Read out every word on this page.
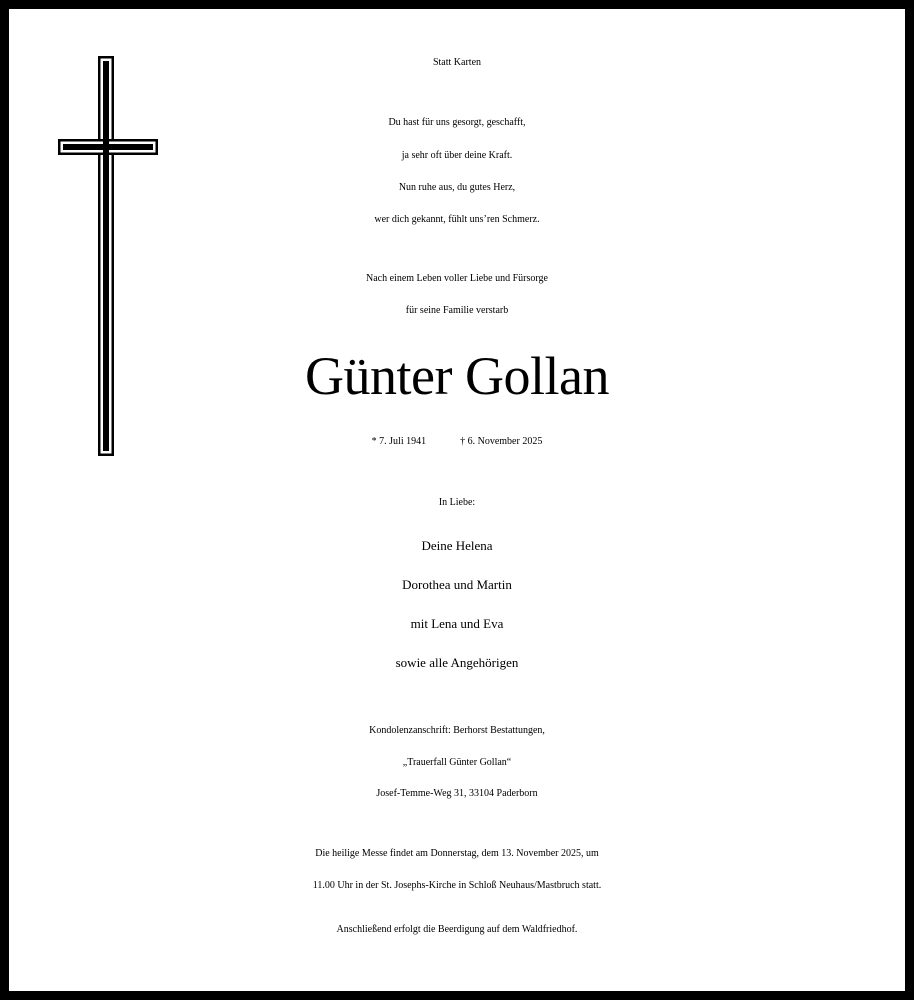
Statt Karten
Du hast für uns gesorgt, geschafft,
ja sehr oft über deine Kraft.
Nun ruhe aus, du gutes Herz,
wer dich gekannt, fühlt uns’ren Schmerz.
Nach einem Leben voller Liebe und Fürsorge
für seine Familie verstarb
Günter Gollan
* 7. Juli 1941	† 6. November 2025
In Liebe:
Deine Helena
Dorothea und Martin
mit Lena und Eva
sowie alle Angehörigen
Kondolenzanschrift: Berhorst Bestattungen,
„Trauerfall Günter Gollan“
Josef-Temme-Weg 31, 33104 Paderborn
Die heilige Messe findet am Donnerstag, dem 13. November 2025, um
11.00 Uhr in der St. Josephs-Kirche in Schloß Neuhaus/Mastbruch statt.
Anschließend erfolgt die Beerdigung auf dem Waldfriedhof.
